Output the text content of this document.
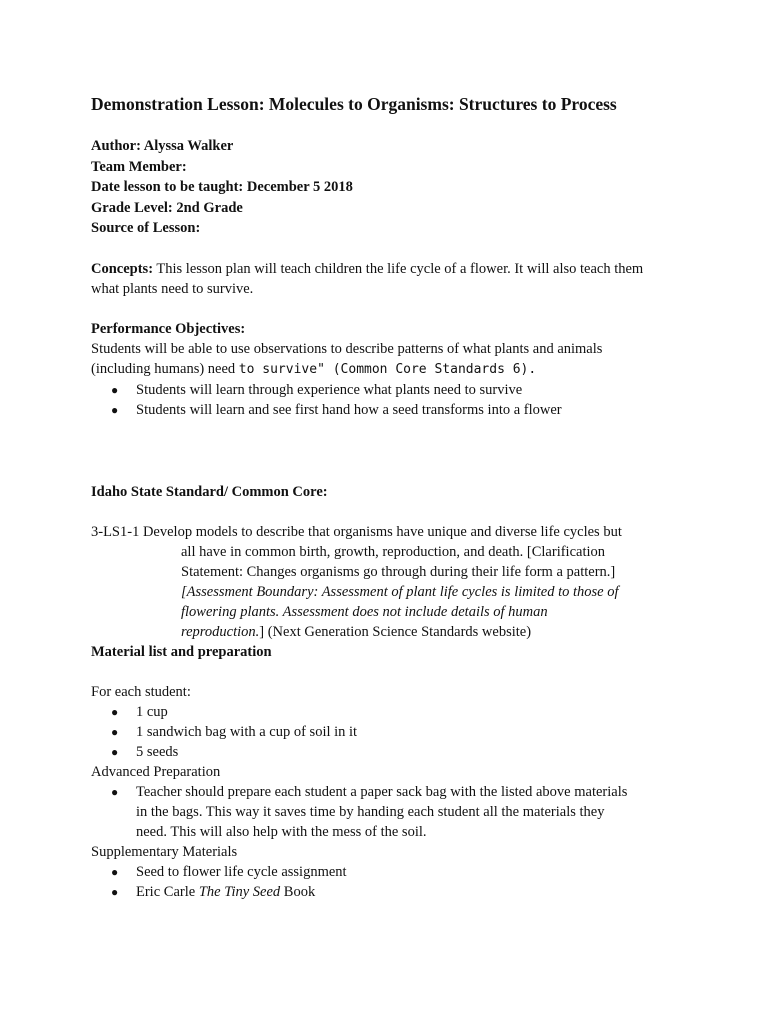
Demonstration Lesson: Molecules to Organisms: Structures to Process
Author: Alyssa Walker
Team Member:
Date lesson to be taught: December 5 2018
Grade Level: 2nd Grade
Source of Lesson:
Concepts: This lesson plan will teach children the life cycle of a flower. It will also teach them
what plants need to survive.
Performance Objectives:
Students will be able to use observations to describe patterns of what plants and animals
(including humans) need to survive" (Common Core Standards 6).
● Students will learn through experience what plants need to survive
● Students will learn and see first hand how a seed transforms into a flower
Idaho State Standard/ Common Core:
3-LS1-1 Develop models to describe that organisms have unique and diverse life cycles but
all have in common birth, growth, reproduction, and death. [Clarification
Statement: Changes organisms go through during their life form a pattern.]
[Assessment Boundary: Assessment of plant life cycles is limited to those of
flowering plants. Assessment does not include details of human
reproduction.] (Next Generation Science Standards website)
Material list and preparation
For each student:
● 1 cup
● 1 sandwich bag with a cup of soil in it
● 5 seeds
Advanced Preparation
● Teacher should prepare each student a paper sack bag with the listed above materials
in the bags. This way it saves time by handing each student all the materials they
need. This will also help with the mess of the soil.
Supplementary Materials
● Seed to flower life cycle assignment
● Eric Carle The Tiny Seed Book
